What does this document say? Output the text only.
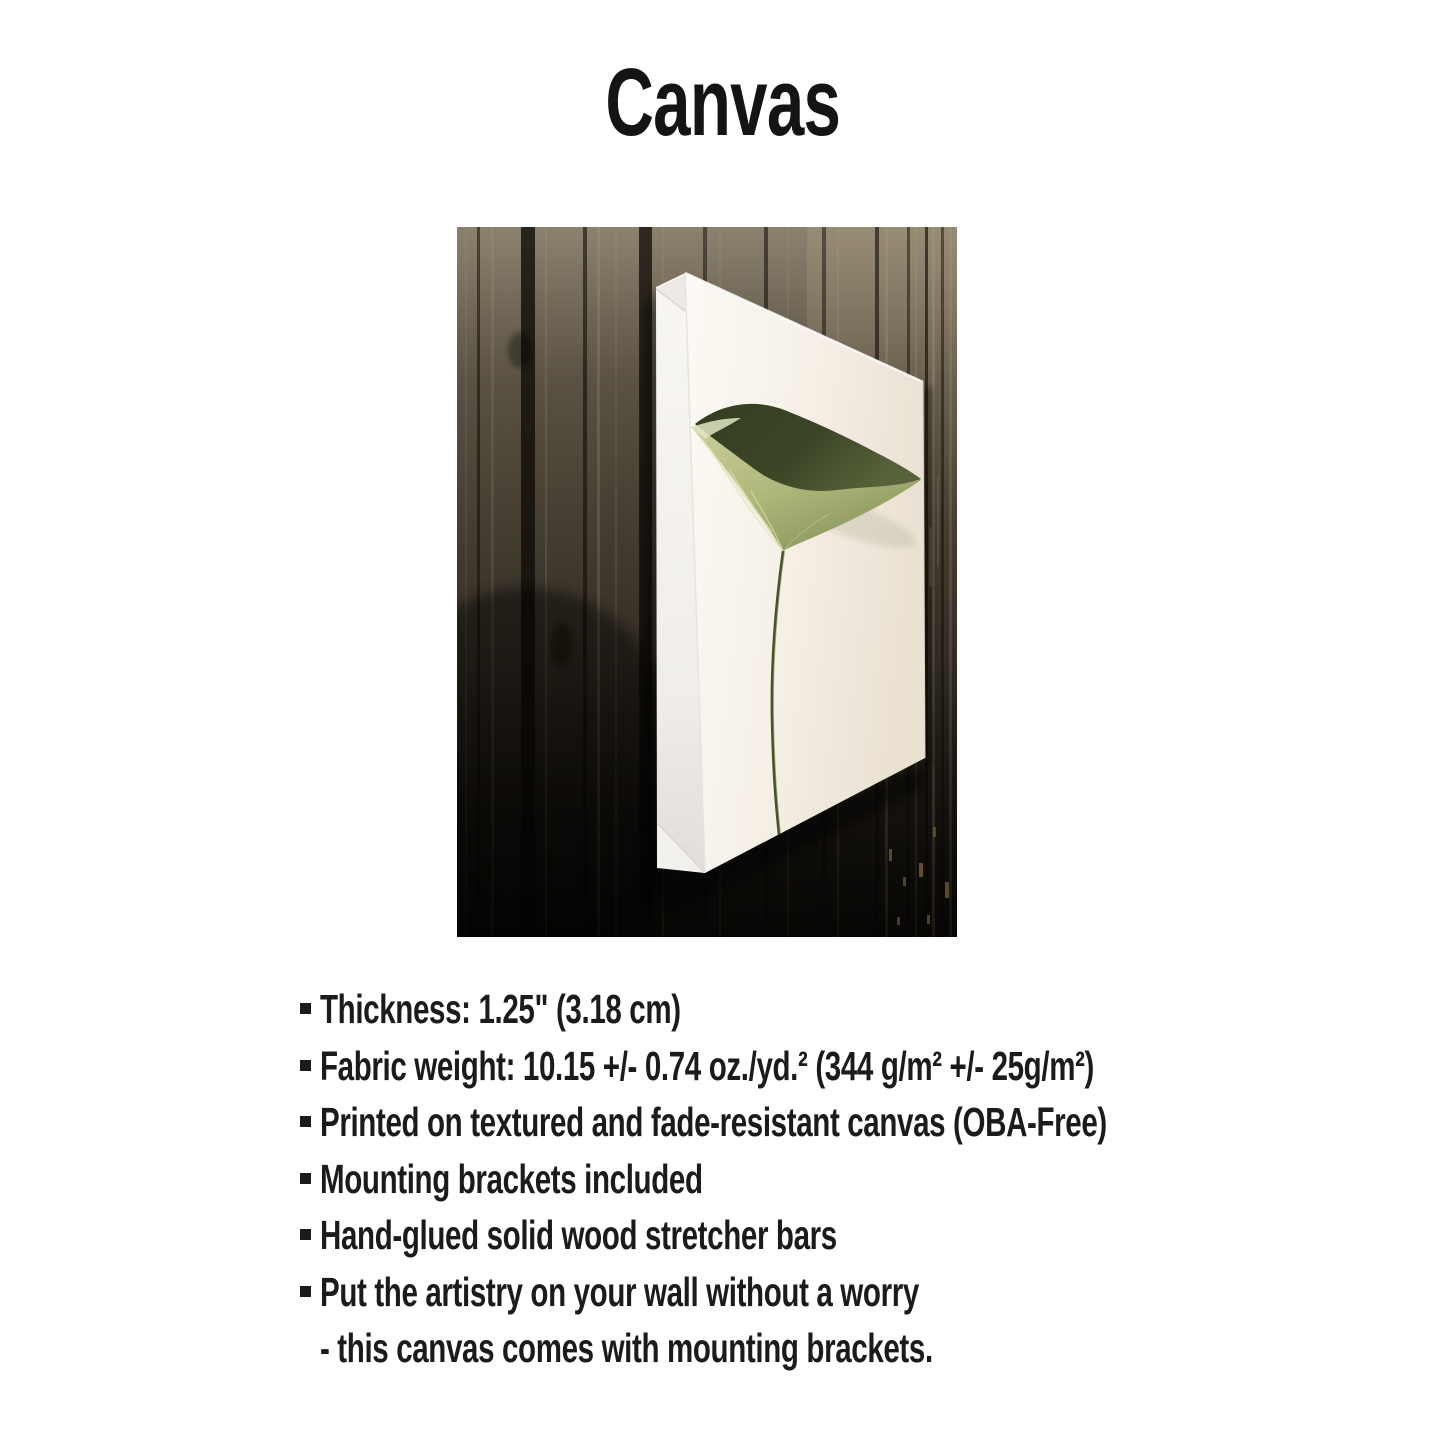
Canvas
Thickness: 1.25" (3.18 cm)
Fabric weight: 10.15 +/- 0.74 oz./yd.² (344 g/m² +/- 25g/m²)
Printed on textured and fade-resistant canvas (OBA-Free)
Mounting brackets included
Hand-glued solid wood stretcher bars
Put the artistry on your wall without a worry
- this canvas comes with mounting brackets.
